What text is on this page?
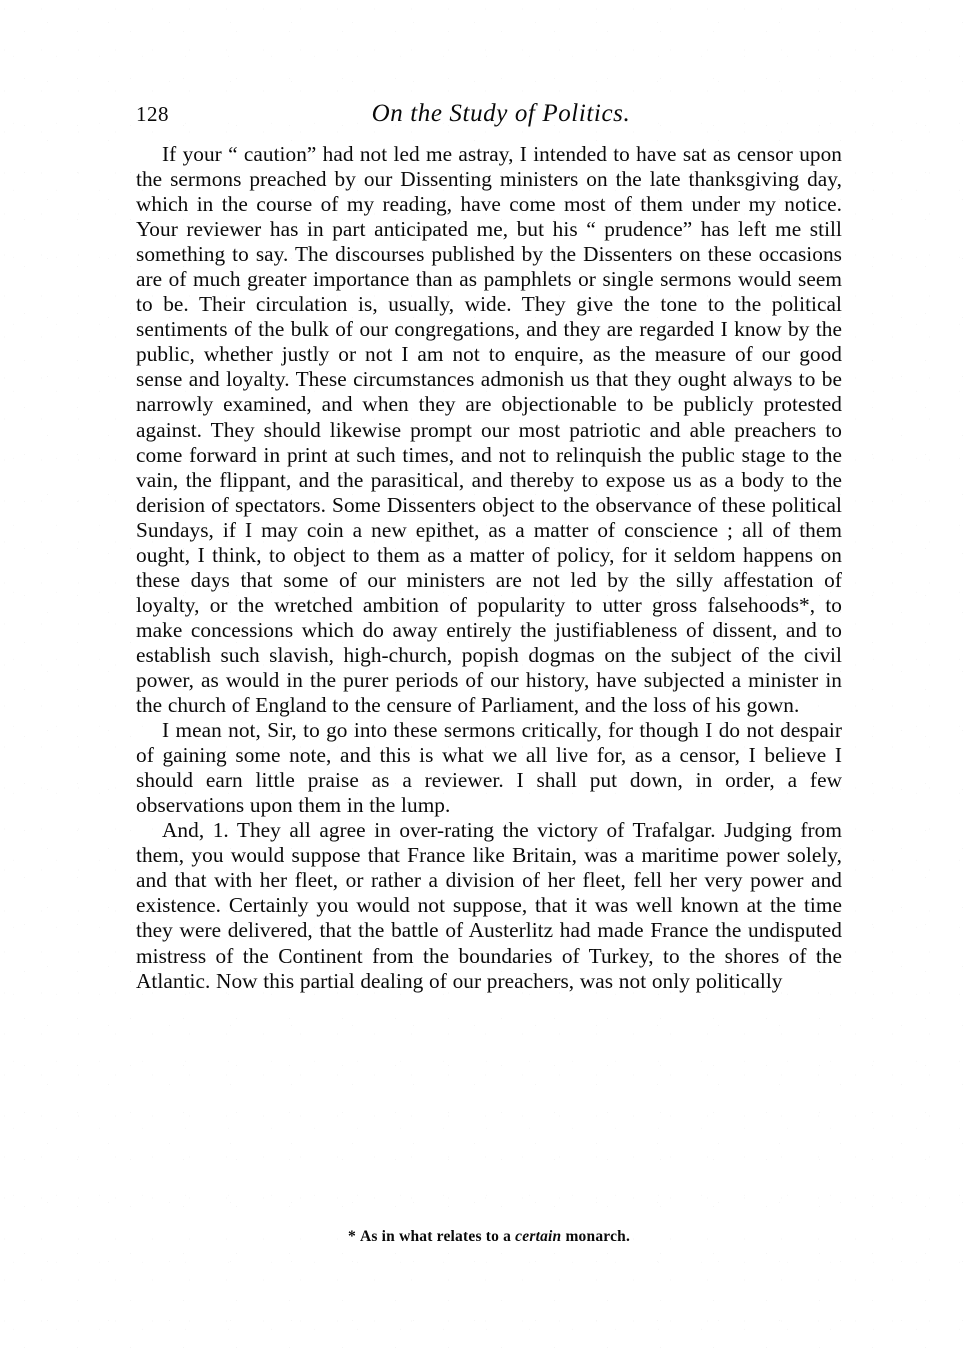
128	On the Study of Politics.

If your “ caution” had not led me astray, I intended to have sat as censor upon the sermons preached by our Dissenting ministers on the late thanksgiving day, which in the course of my reading, have come most of them under my notice. Your reviewer has in part anticipated me, but his “ prudence” has left me still something to say. The discourses published by the Dissenters on these occasions are of much greater importance than as pamphlets or single sermons would seem to be. Their circulation is, usually, wide. They give the tone to the political sentiments of the bulk of our congregations, and they are regarded I know by the public, whether justly or not I am not to enquire, as the measure of our good sense and loyalty. These circumstances admonish us that they ought always to be narrowly examined, and when they are objectionable to be publicly protested against. They should likewise prompt our most patriotic and able preachers to come forward in print at such times, and not to relinquish the public stage to the vain, the flippant, and the parasitical, and thereby to expose us as a body to the derision of spectators. Some Dissenters object to the observance of these political Sundays, if I may coin a new epithet, as a matter of conscience ; all of them ought, I think, to object to them as a matter of policy, for it seldom happens on these days that some of our ministers are not led by the silly affestation of loyalty, or the wretched ambition of popularity to utter gross falsehoods*, to make concessions which do away entirely the justifiableness of dissent, and to establish such slavish, high-church, popish dogmas on the subject of the civil power, as would in the purer periods of our history, have subjected a minister in the church of England to the censure of Parliament, and the loss of his gown.

I mean not, Sir, to go into these sermons critically, for though I do not despair of gaining some note, and this is what we all live for, as a censor, I believe I should earn little praise as a reviewer. I shall put down, in order, a few observations upon them in the lump.

And, 1. They all agree in over-rating the victory of Trafalgar. Judging from them, you would suppose that France like Britain, was a maritime power solely, and that with her fleet, or rather a division of her fleet, fell her very power and existence. Certainly you would not suppose, that it was well known at the time they were delivered, that the battle of Austerlitz had made France the undisputed mistress of the Continent from the boundaries of Turkey, to the shores of the Atlantic. Now this partial dealing of our preachers, was not only politically

* As in what relates to a certain monarch.
